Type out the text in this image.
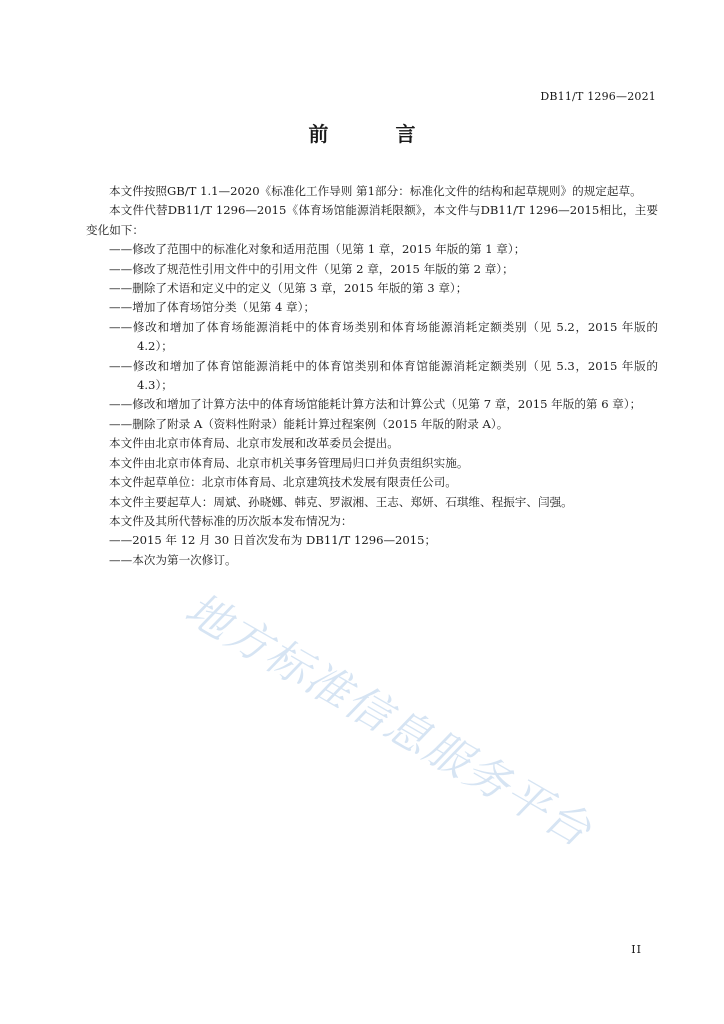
DB11/T 1296—2021
前 言

本文件按照GB/T 1.1—2020《标准化工作导则 第1部分：标准化文件的结构和起草规则》的规定起草。

本文件代替DB11/T 1296—2015《体育场馆能源消耗限额》，本文件与DB11/T 1296—2015相比，主要变化如下：

——修改了范围中的标准化对象和适用范围（见第 1 章，2015 年版的第 1 章）；

——修改了规范性引用文件中的引用文件（见第 2 章，2015 年版的第 2 章）；

——删除了术语和定义中的定义（见第 3 章，2015 年版的第 3 章）；

——增加了体育场馆分类（见第 4 章）；

——修改和增加了体育场能源消耗中的体育场类别和体育场能源消耗定额类别（见 5.2，2015 年版的 4.2）；

——修改和增加了体育馆能源消耗中的体育馆类别和体育馆能源消耗定额类别（见 5.3，2015 年版的 4.3）；

——修改和增加了计算方法中的体育场馆能耗计算方法和计算公式（见第 7 章，2015 年版的第 6 章）；

——删除了附录 A（资料性附录）能耗计算过程案例（2015 年版的附录 A）。

本文件由北京市体育局、北京市发展和改革委员会提出。

本文件由北京市体育局、北京市机关事务管理局归口并负责组织实施。

本文件起草单位：北京市体育局、北京建筑技术发展有限责任公司。

本文件主要起草人：周斌、孙晓娜、韩克、罗淑湘、王志、郑妍、石琪维、程振宇、闫强。

本文件及其所代替标准的历次版本发布情况为：

——2015 年 12 月 30 日首次发布为 DB11/T 1296—2015；

——本次为第一次修订。

地方标准信息服务平台
II
